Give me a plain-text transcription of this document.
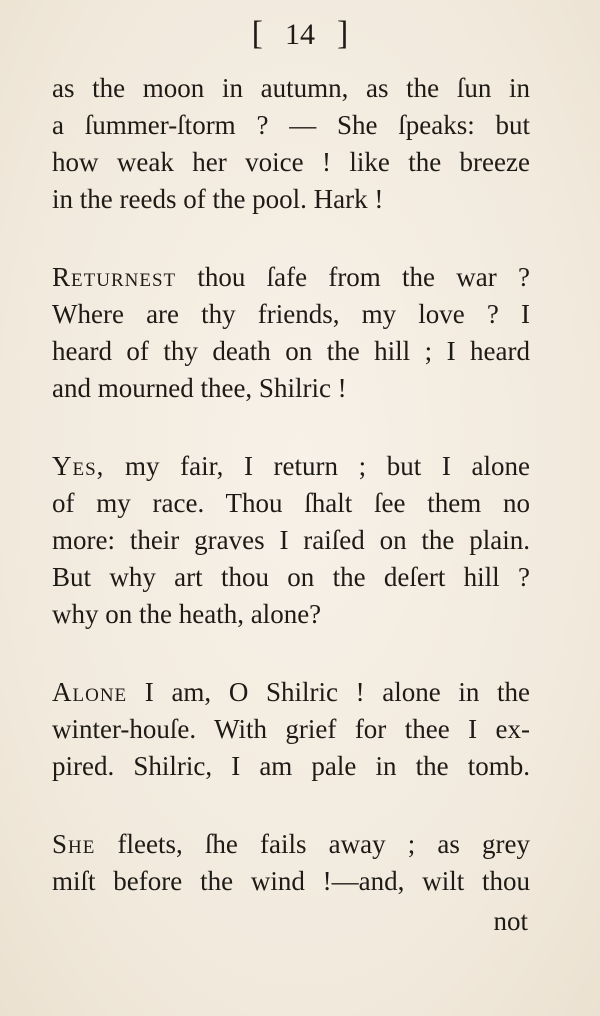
[ 14 ]
as the moon in autumn, as the ſun in
a ſummer-ſtorm ? — She ſpeaks: but
how weak her voice ! like the breeze
in the reeds of the pool. Hark !
Returnest thou ſafe from the war ?
Where are thy friends, my love ? I
heard of thy death on the hill ; I heard
and mourned thee, Shilric !
Yes, my fair, I return ; but I alone
of my race. Thou ſhalt ſee them no
more: their graves I raiſed on the plain.
But why art thou on the deſert hill ?
why on the heath, alone?
Alone I am, O Shilric ! alone in the
winter-houſe. With grief for thee I ex-
pired. Shilric, I am pale in the tomb.
She fleets, ſhe fails away ; as grey
miſt before the wind !—and, wilt thou
not
